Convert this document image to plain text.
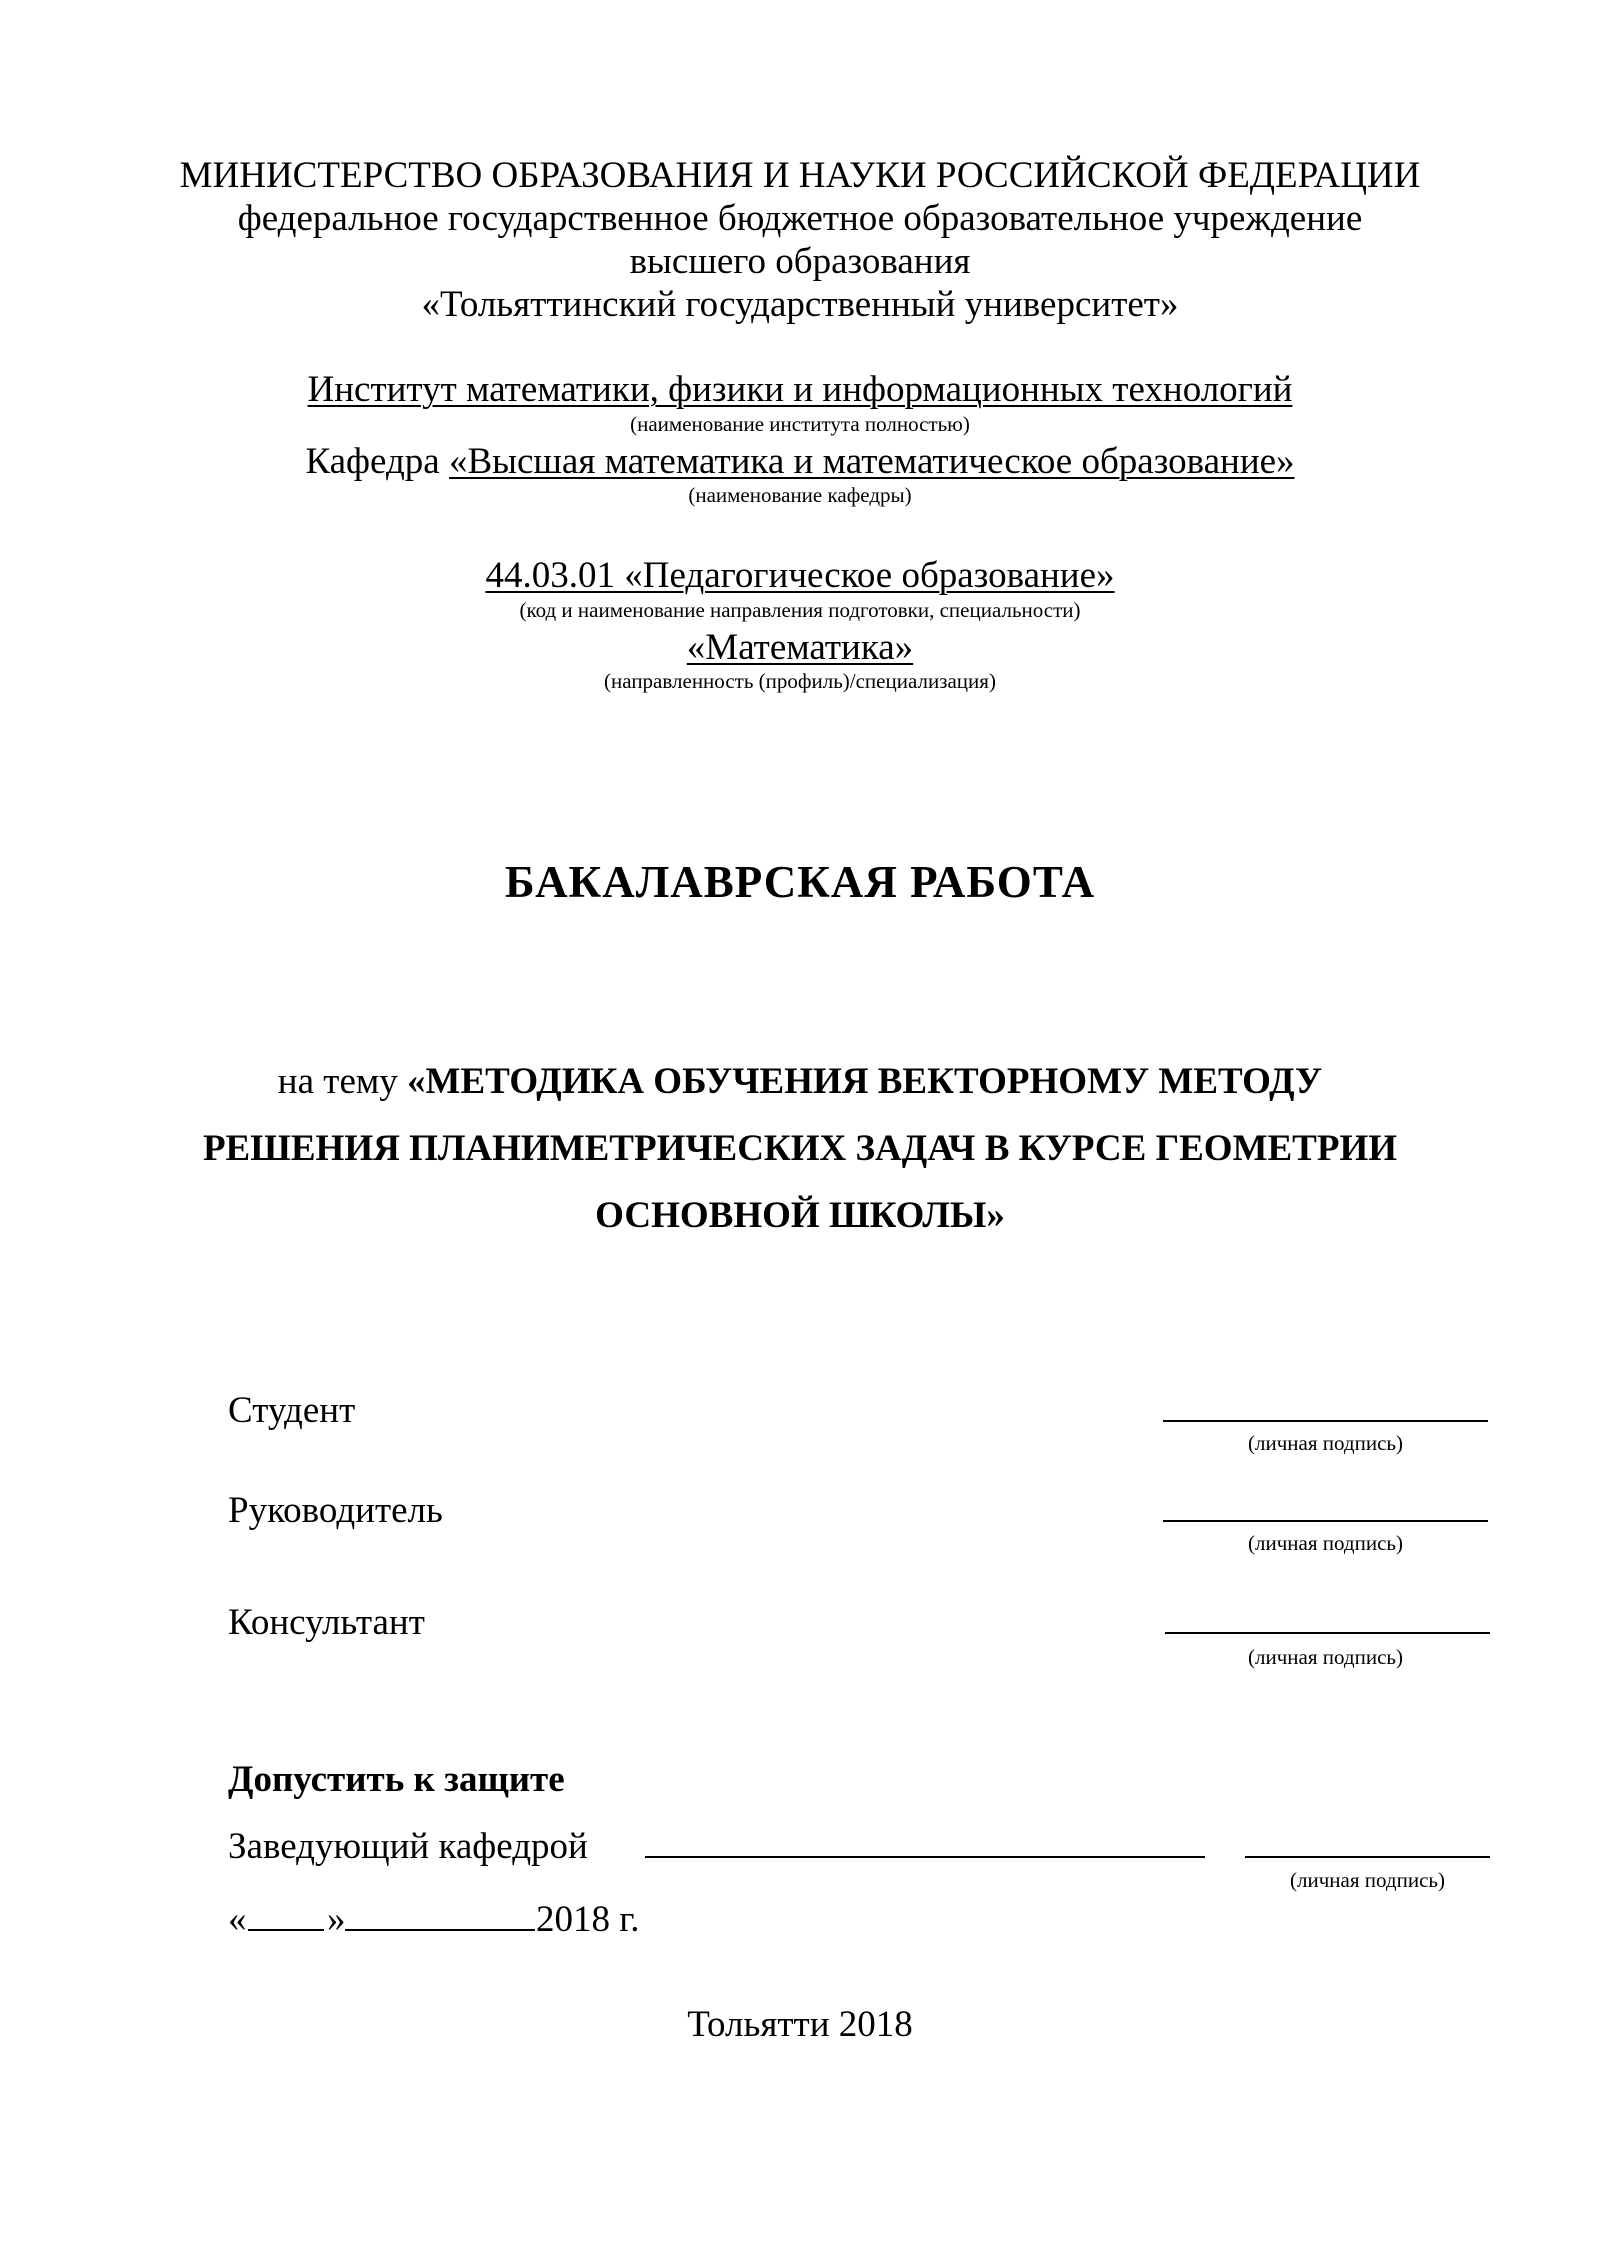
МИНИСТЕРСТВО ОБРАЗОВАНИЯ И НАУКИ РОССИЙСКОЙ ФЕДЕРАЦИИ
федеральное государственное бюджетное образовательное учреждение
высшего образования
«Тольяттинский государственный университет»
Институт математики, физики и информационных технологий
(наименование института полностью)
Кафедра «Высшая математика и математическое образование»
(наименование кафедры)
44.03.01 «Педагогическое образование»
(код и наименование направления подготовки, специальности)
«Математика»
(направленность (профиль)/специализация)
БАКАЛАВРСКАЯ РАБОТА
на тему «МЕТОДИКА ОБУЧЕНИЯ ВЕКТОРНОМУ МЕТОДУ
РЕШЕНИЯ ПЛАНИМЕТРИЧЕСКИХ ЗАДАЧ В КУРСЕ ГЕОМЕТРИИ
ОСНОВНОЙ ШКОЛЫ»
Студент
(личная подпись)
Руководитель
(личная подпись)
Консультант
(личная подпись)
Допустить к защите
Заведующий кафедрой
(личная подпись)
« »	2018 г.
Тольятти 2018
